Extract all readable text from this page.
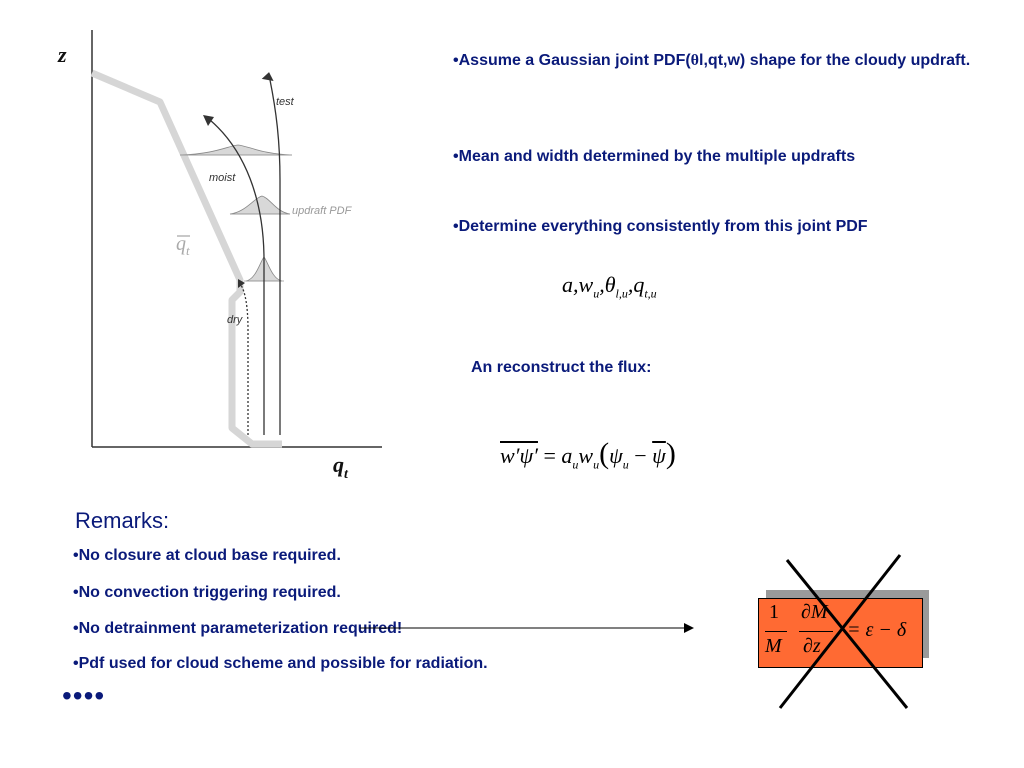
z
$q_t$
$q_t$
test
moist
updraft PDF
dry
•Assume a Gaussian joint PDF(θl,qt,w) shape for the cloudy updraft.
•Mean and width determined by the multiple updrafts
•Determine everything consistently from this joint PDF
$a,w_u,\theta_{l,u},q_{t,u}$
An reconstruct the flux:
$w'\psi' = a_uw_u(\psi_u - \overline{\psi})$
Remarks:
•No closure at cloud base required.
•No convection triggering required.
•No detrainment parameterization required!
•Pdf used for cloud scheme and possible for radiation.
••••
1
M
∂M
∂z
= ε − δ
